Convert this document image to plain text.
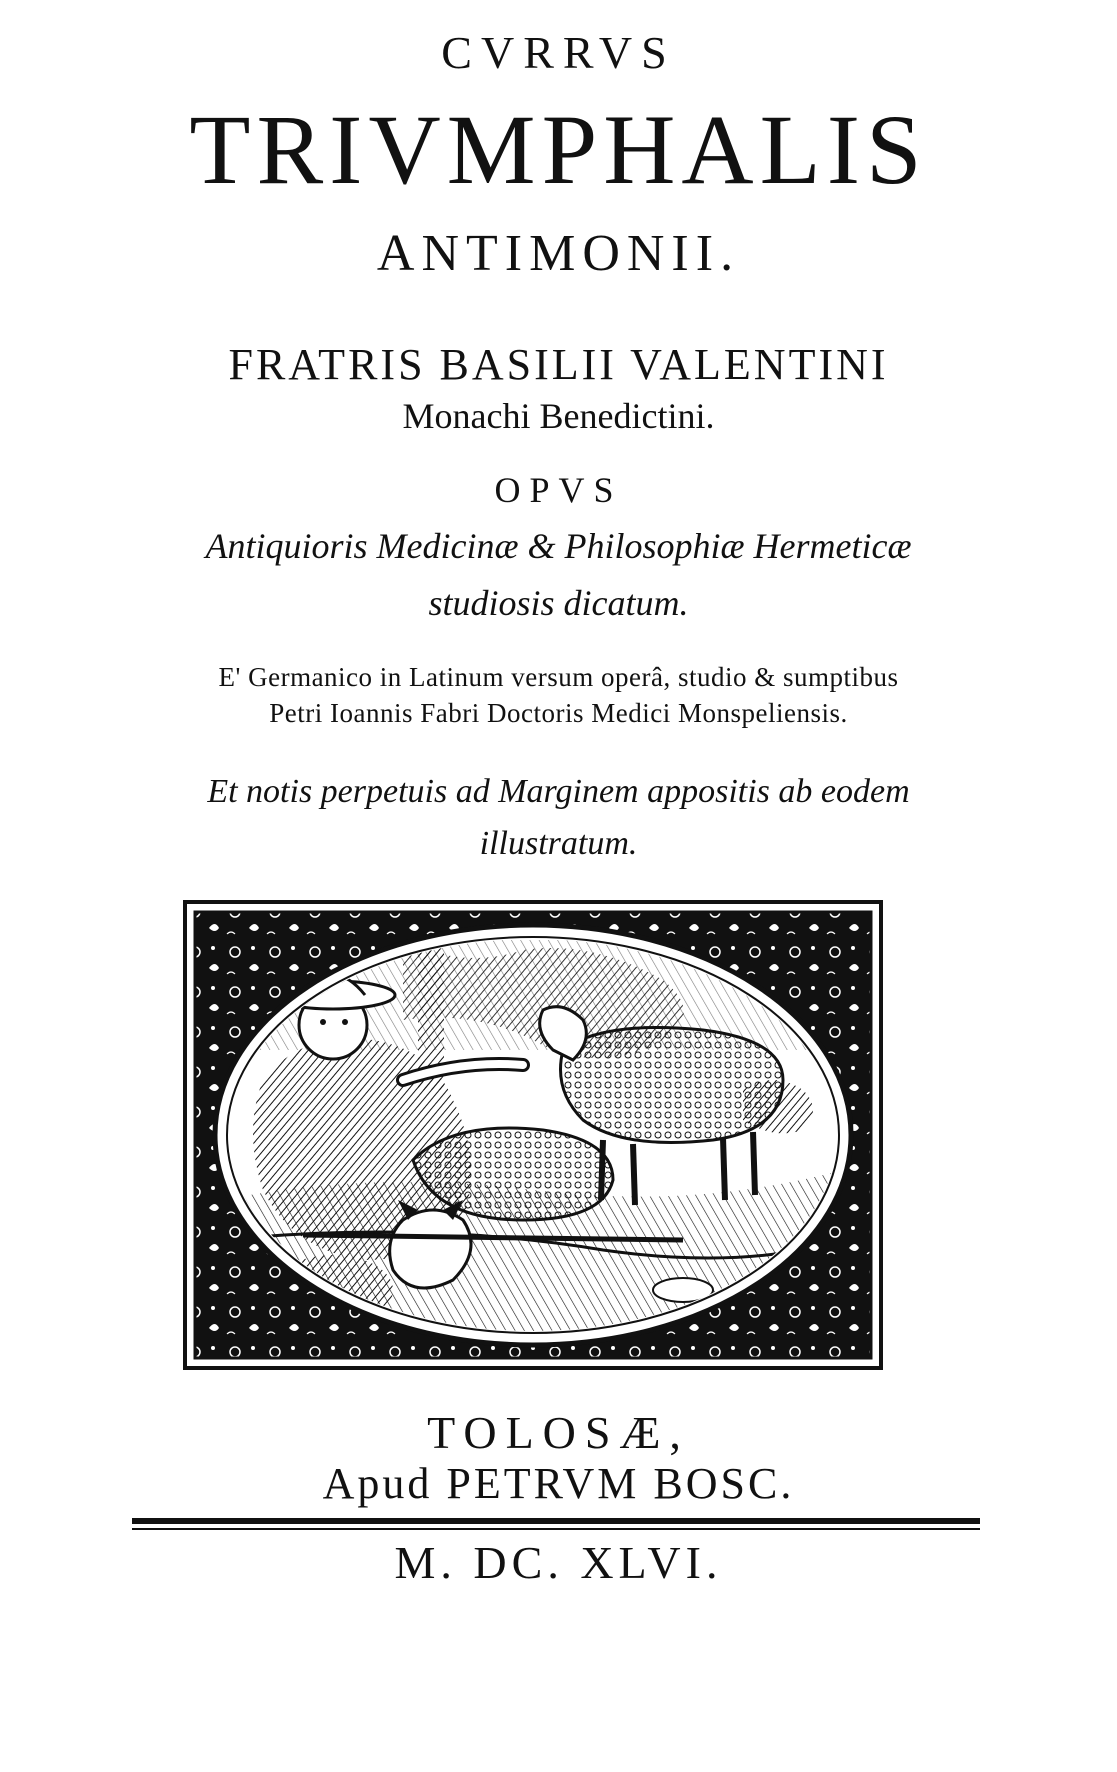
CVRRVS
TRIVMPHALIS
ANTIMONII.
FRATRIS BASILII VALENTINI
Monachi Benedictini.
OPVS
Antiquioris Medicinæ & Philosophiæ Hermeticæ
studiosis dicatum.
E' Germanico in Latinum versum operâ, studio & sumptibus
Petri Ioannis Fabri Doctoris Medici Monspeliensis.
Et notis perpetuis ad Marginem appositis ab eodem
illustratum.
TOLOSÆ,
Apud PETRVM BOSC.
M. DC. XLVI.
